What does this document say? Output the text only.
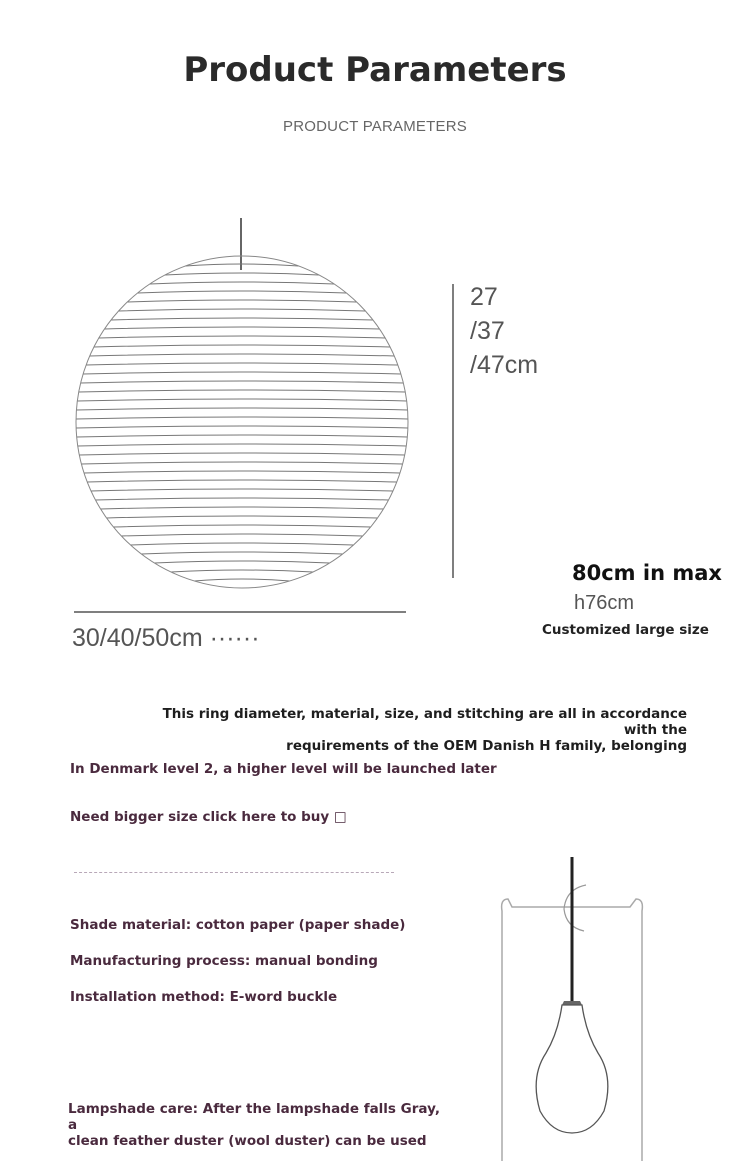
Product Parameters
PRODUCT PARAMETERS
27
/37
/47cm
30/40/50cm ······
80cm in max
h76cm
Customized large size
This ring diameter, material, size, and stitching are all in accordance with the
requirements of the OEM Danish H family, belonging
In Denmark level 2, a higher level will be launched later
Need bigger size click here to buy □
Shade material: cotton paper (paper shade)
Manufacturing process: manual bonding
Installation method: E-word buckle
Lampshade care: After the lampshade falls Gray, a
clean feather duster (wool duster) can be used
